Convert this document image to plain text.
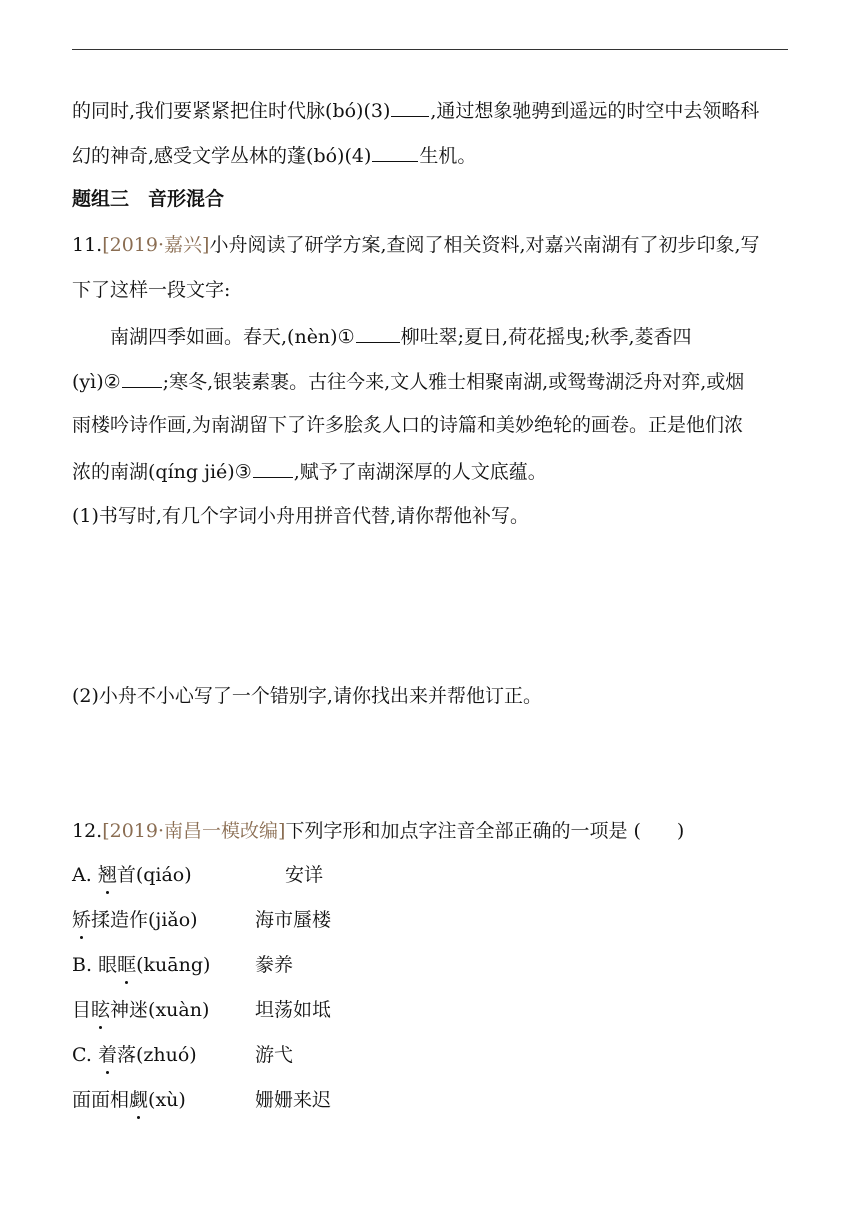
的同时,我们要紧紧把住时代脉(bó)(3) ,通过想象驰骋到遥远的时空中去领略科
幻的神奇,感受文学丛林的蓬(bó)(4)	生机。
题组三　音形混合
11.[2019·嘉兴]小舟阅读了研学方案,查阅了相关资料,对嘉兴南湖有了初步印象,写
下了这样一段文字:
南湖四季如画。春天,(nèn)① 柳吐翠;夏日,荷花摇曳;秋季,菱香四
(yì)② ;寒冬,银装素裹。古往今来,文人雅士相聚南湖,或鸳鸯湖泛舟对弈,或烟
雨楼吟诗作画,为南湖留下了许多脍炙人口的诗篇和美妙绝轮的画卷。正是他们浓
浓的南湖(qíng jié)③ ,赋予了南湖深厚的人文底蕴。
(1)书写时,有几个字词小舟用拼音代替,请你帮他补写。
(2)小舟不小心写了一个错别字,请你找出来并帮他订正。
12.[2019·南昌一模改编]下列字形和加点字注音全部正确的一项是 ( )
A. 翘首(qiáo)	安详
矫揉造作(jiǎo)	海市蜃楼
B. 眼眶(kuāng) 豢养
目眩神迷(xuàn) 坦荡如坻
C. 着落(zhuó)	游弋
面面相觑(xù)	姗姗来迟
